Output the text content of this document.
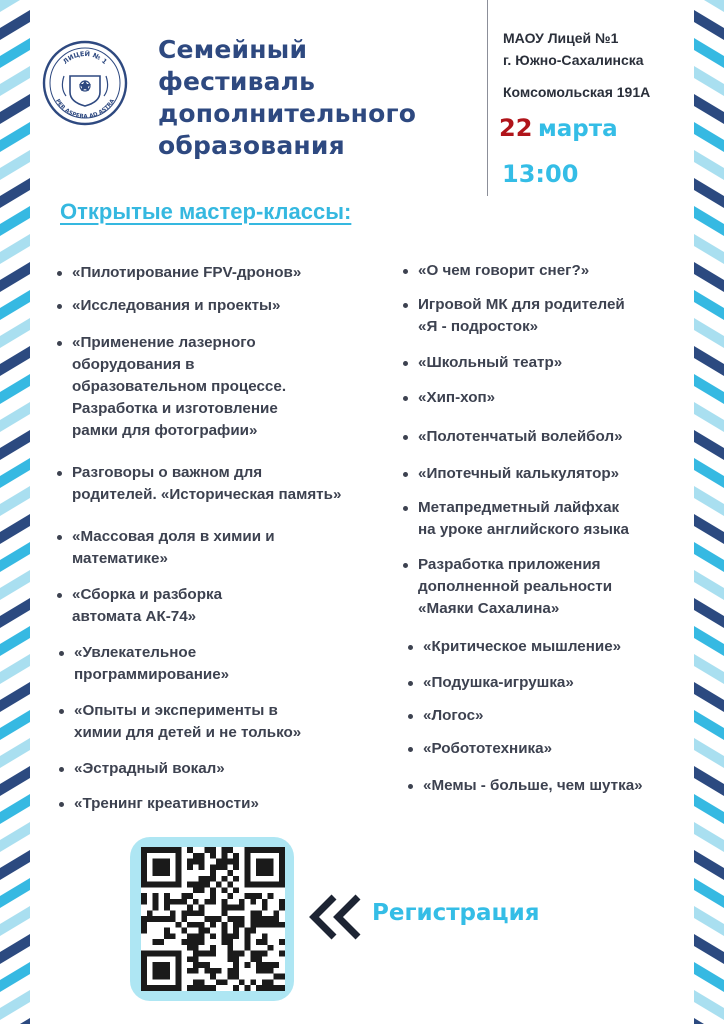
ЛИЦЕЙ № 1
PER ASPERA AD ASTRA
Семейный
фестиваль
дополнительного
образования
МАОУ Лицей №1
г. Южно-Сахалинска
Комсомольская 191А
22 марта
13:00
Открытые мастер-классы:
«Пилотирование FPV-дронов»
«Исследования и проекты»
«Применение лазерного
оборудования в
образовательном процессе.
Разработка и изготовление
рамки для фотографии»
Разговоры о важном для
родителей. «Историческая память»
«Массовая доля в химии и
математике»
«Сборка и разборка
автомата АК-74»
«Увлекательное
программирование»
«Опыты и эксперименты в
химии для детей и не только»
«Эстрадный вокал»
«Тренинг креативности»
«О чем говорит снег?»
Игровой МК для родителей
«Я - подросток»
«Школьный театр»
«Хип-хоп»
«Полотенчатый волейбол»
«Ипотечный калькулятор»
Метапредметный лайфхак
на уроке английского языка
Разработка приложения
дополненной реальности
«Маяки Сахалина»
«Критическое мышление»
«Подушка-игрушка»
«Логос»
«Робототехника»
«Мемы - больше, чем шутка»
Регистрация
